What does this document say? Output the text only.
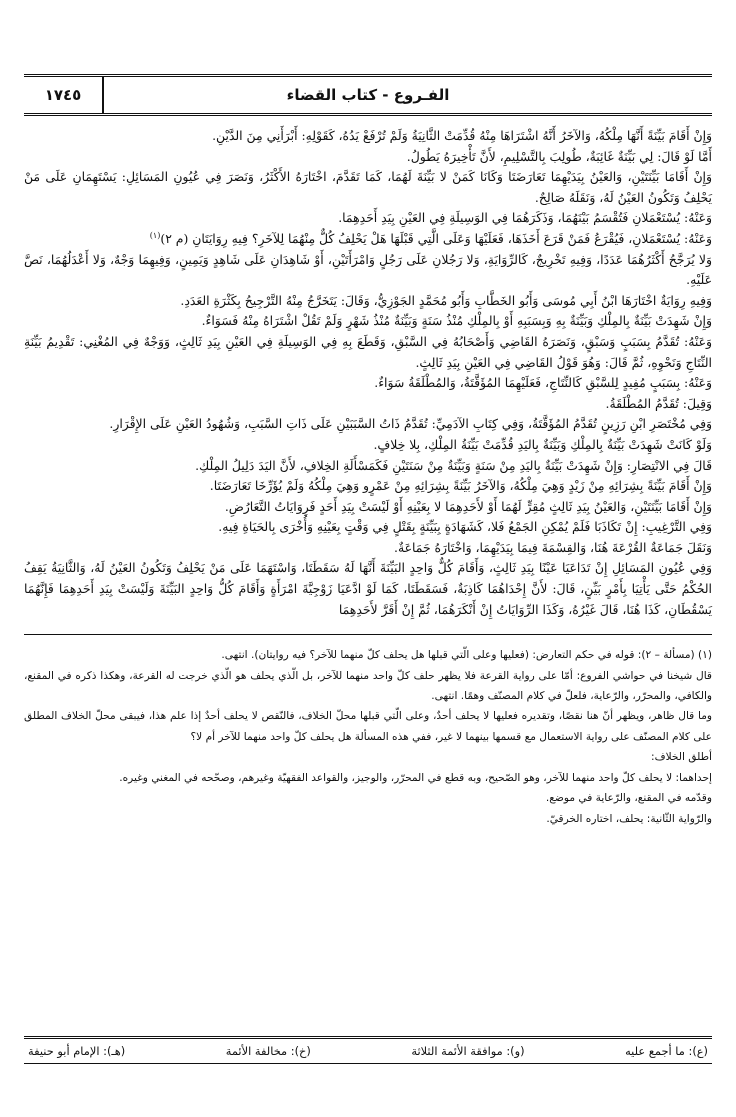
الفـروع - كتاب القضاء
١٧٤٥

وَإِنْ أَقَامَ بَيِّنَةً أَنَّهَا مِلْكُهُ، وَالآخَرُ أَنَّهُ اشْتَرَاهَا مِنْهُ قُدِّمَتْ الثَّانِيَةُ وَلَمْ تُرْفَعْ يَدُهُ، كَقَوْلِهِ: أَبْرَأَنِي مِنَ الدَّيْنِ.

أَمَّا لَوْ قَالَ: لِي بَيِّنَةٌ غَائِبَةٌ، طُولِبَ بِالتَّسْلِيمِ، لأَنَّ تَأْخِيرَهُ يَطُولُ.

وَإِنْ أَقَامَا بَيِّنَتَيْنِ، وَالعَيْنُ بِيَدَيْهِمَا تَعَارَضَتَا وَكَانَا كَمَنْ لا بَيِّنَةَ لَهُمَا، كَمَا تَقَدَّمَ، اخْتَارَهُ الأَكْثَرُ، وَنَصَرَ فِي عُيُونِ المَسَائِلِ: يَسْتَهِمَانِ عَلَى مَنْ يَحْلِفُ وَتَكُونُ العَيْنُ لَهُ، وَنَقَلَهُ صَالِحٌ.

وَعَنْهُ: يُسْتَعْمَلانِ فَتُقْسَمُ بَيْنَهُمَا، وَذَكَرَهُمَا فِي الوَسِيلَةِ فِي العَيْنِ بِيَدِ أَحَدِهِمَا.

وَعَنْهُ: يُسْتَعْمَلانِ، فَيُقْرَعُ فَمَنْ قَرَعَ أَخَذَهَا، فَعَلَيْهَا وَعَلَى الَّتِي قَبْلَهَا هَلْ يَحْلِفُ كُلٌّ مِنْهُمَا لِلآخَرِ؟ فِيهِ رِوَايَتَانِ (م ٢)$^{(١)}$

وَلا يُرَجَّحُ أَكْثَرُهُمَا عَدَدًا، وَفِيهِ تَخْرِيجٌ، كَالرِّوَايَةِ، وَلا رَجُلانِ عَلَى رَجُلٍ وَامْرَأَتَيْنِ، أَوْ شَاهِدَانِ عَلَى شَاهِدٍ وَيَمِينٍ، وَفِيهِمَا وَجْهٌ، وَلا أَعْدَلُهُمَا، نَصَّ عَلَيْهِ.

وَفِيهِ رِوَايَةٌ اخْتَارَهَا ابْنُ أَبِي مُوسَى وَأَبُو الخَطَّابِ وَأَبُو مُحَمَّدٍ الجَوْزِيُّ، وَقَالَ: يَتَخَرَّجُ مِنْهُ التَّرْجِيحُ بِكَثْرَةِ العَدَدِ.

وَإِنْ شَهِدَتْ بَيِّنَةٌ بِالمِلْكِ وَبَيِّنَةٌ بِهِ وَبِسَبَبِهِ أَوْ بِالمِلْكِ مُنْذُ سَنَةٍ وَبَيِّنَةٌ مُنْذُ شَهْرٍ وَلَمْ تَقُلْ اشْتَرَاهُ مِنْهُ فَسَوَاءٌ.

وَعَنْهُ: تُقَدَّمُ بِسَبَبٍ وَسَبْقٍ، وَنَصَرَهُ القَاضِي وَأَصْحَابُهُ فِي السَّبْقِ، وَقَطَعَ بِهِ فِي الوَسِيلَةِ فِي العَيْنِ بِيَدِ ثَالِثٍ، وَوَجْهٌ فِي المُغْنِي: تَقْدِيمُ بَيِّنَةِ النِّتَاجِ وَنَحْوِهِ، ثُمَّ قَالَ: وَهُوَ قَوْلُ القَاضِي فِي العَيْنِ بِيَدِ ثَالِثٍ.

وَعَنْهُ: بِسَبَبٍ مُفِيدٍ لِلسَّبْقِ كَالنِّتَاجِ، فَعَلَيْهِمَا المُؤَقَّتَةُ، وَالمُطْلَقَةُ سَوَاءٌ.

وَقِيلَ: تُقَدَّمُ المُطْلَقَةُ.

وَفِي مُخْتَصَرِ ابْنِ رَزِينٍ تُقَدَّمُ المُؤَقَّتَةُ، وَفِي كِتَابِ الآدَمِيِّ: تُقَدَّمُ ذَاتُ السَّبَبَيْنِ عَلَى ذَاتِ السَّبَبِ، وَشُهُودُ العَيْنِ عَلَى الإِقْرَارِ.

وَلَوْ كَانَتْ شَهِدَتْ بَيِّنَةٌ بِالمِلْكِ وَبَيِّنَةٌ بِاليَدِ قُدِّمَتْ بَيِّنَةُ المِلْكِ، بِلا خِلافٍ.

قَالَ فِي الانْتِصَارِ: وَإِنْ شَهِدَتْ بَيِّنَةٌ بِاليَدِ مِنْ سَنَةٍ وَبَيِّنَةٌ مِنْ سَنَتَيْنِ فَكَمَسْأَلَةِ الخِلافِ، لأَنَّ اليَدَ دَلِيلُ المِلْكِ.

وَإِنْ أَقَامَ بَيِّنَةً بِشِرَائِهِ مِنْ زَيْدٍ وَهِيَ مِلْكُهُ، وَالآخَرُ بَيِّنَةً بِشِرَائِهِ مِنْ عَمْرٍو وَهِيَ مِلْكُهُ وَلَمْ يُؤَرِّخَا تَعَارَضَتَا.

وَإِنْ أَقَامَا بَيِّنَتَيْنِ، وَالعَيْنُ بِيَدِ ثَالِثٍ مُقِرٍّ لَهُمَا أَوْ لأَحَدِهِمَا لا بِعَيْنِهِ أَوْ لَيْسَتْ بِيَدِ أَحَدٍ فَرِوَايَاتُ التَّعَارُضِ.

وَفِي التَّرْغِيبِ: إِنْ تَكَاذَبَا فَلَمْ يُمْكِنِ الجَمْعُ فَلا، كَشَهَادَةٍ بِبَيِّنَةٍ بِقَتْلٍ فِي وَقْتٍ بِعَيْنِهِ وَأُخْرَى بِالحَيَاةِ فِيهِ.

وَنَقَلَ جَمَاعَةٌ القُرْعَةَ هُنَا، وَالقِسْمَةَ فِيمَا بِيَدَيْهِمَا، وَاخْتَارَهُ جَمَاعَةٌ.

وَفِي عُيُونِ المَسَائِلِ إِنْ تَدَاعَيَا عَيْنًا بِيَدِ ثَالِثٍ، وَأَقَامَ كُلٌّ وَاحِدٍ البَيِّنَةَ أَنَّهَا لَهُ سَقَطَتَا، وَاسْتَهَمَا عَلَى مَنْ يَحْلِفُ وَتَكُونُ العَيْنُ لَهُ، وَالثَّانِيَةُ يَقِفُ الحُكْمُ حَتَّى يَأْتِيَا بِأَمْرٍ بَيِّنٍ، قَالَ: لأَنَّ إِحْدَاهُمَا كَاذِبَةٌ، فَسَقَطَتَا، كَمَا لَوْ ادَّعَيَا زَوْجِيَّةَ امْرَأَةٍ وَأَقَامَ كُلُّ وَاحِدٍ البَيِّنَةَ وَلَيْسَتْ بِيَدِ أَحَدِهِمَا فَإِنَّهُمَا يَسْقُطَانِ، كَذَا هُنَا، قَالَ غَيْرُهُ، وَكَذَا الرِّوَايَاتُ إِنْ أَنْكَرَهُمَا، ثُمَّ إِنْ أَقَرَّ لأَحَدِهِمَا

(١) (مسألة – ٢): قوله في حكم التعارض: (فعليها وعلى الّتي قبلها هل يحلف كلّ منهما للآخر؟ فيه روايتان). انتهى.

قال شيخنا في حواشي الفروع: أمّا على رواية القرعة فلا يظهر حلف كلّ واحد منهما للآخر، بل الّذي يحلف هو الّذي خرجت له القرعة، وهكذا ذكره في المقنع، والكافي، والمحرّر، والرّعاية، فلعلّ في كلام المصنّف وهمًا. انتهى.

وما قال ظاهر، ويظهر أنّ هنا نقصًا، وتقديره فعليها لا يحلف أحدٌ، وعلى الّتي قبلها محلّ الخلاف، فالنّقص لا يحلف أحدٌ إذا علم هذا، فيبقى محلّ الخلاف المطلق على كلام المصنّف على رواية الاستعمال مع قسمها بينهما لا غير، ففي هذه المسألة هل يحلف كلّ واحد منهما للآخر أم لا؟

أطلق الخلاف:

إحداهما: لا يحلف كلّ واحد منهما للآخر، وهو الصّحيح، وبه قطع في المحرّر، والوجيز، والقواعد الفقهيّة وغيرهم، وصحّحه في المغني وغيره.

وقدّمه في المقنع، والرّعاية في موضع.

والرّواية الثّانية: يحلف، اختاره الخرقيّ.

(ع): ما أجمع عليه
(و): موافقة الأئمة الثلاثة
(خ): مخالفة الأئمة
(هـ): الإمام أبو حنيفة
